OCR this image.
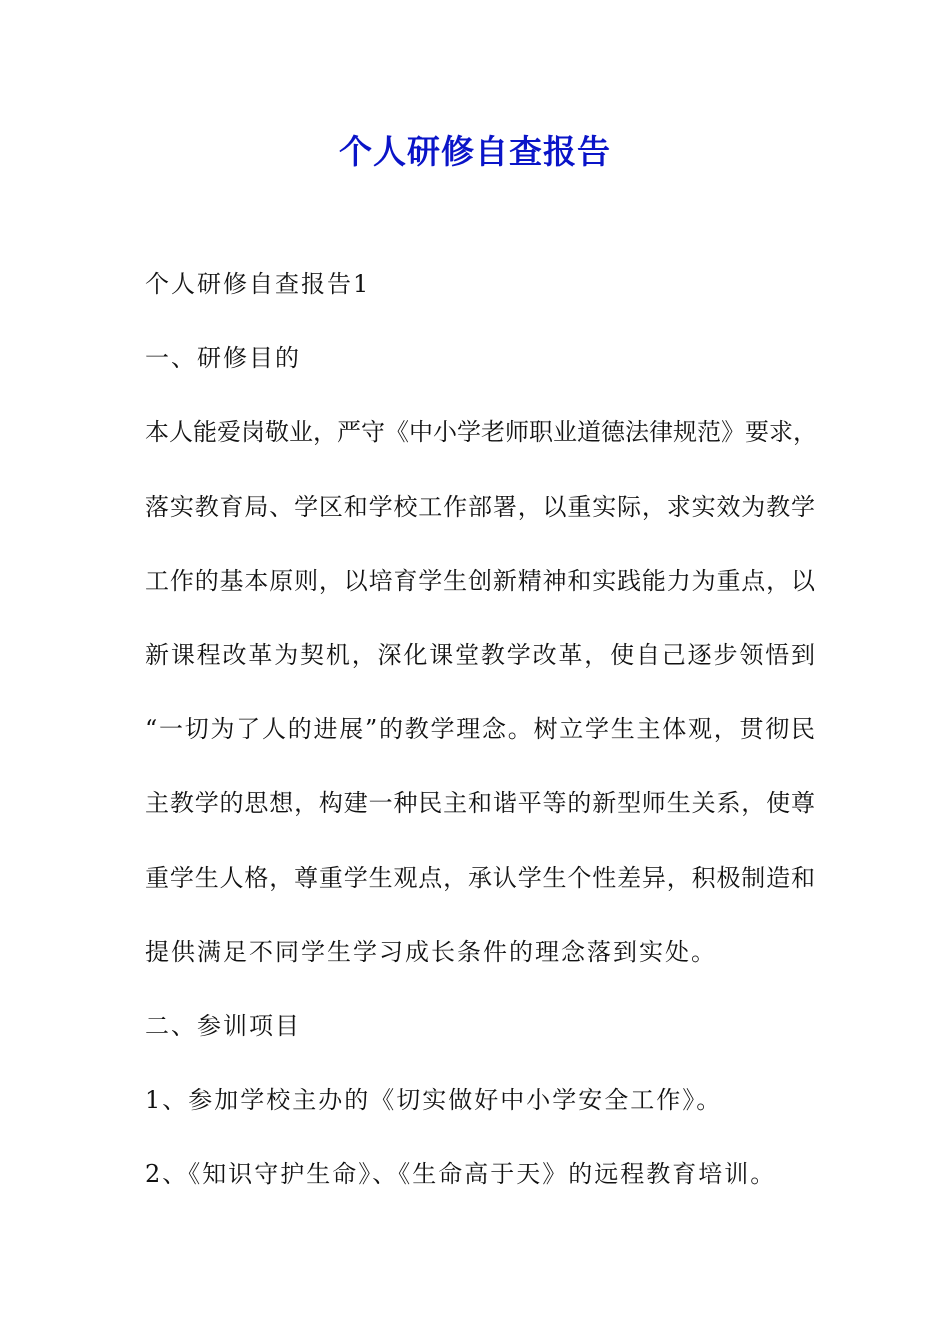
个人研修自查报告
个人研修自查报告1
一、研修目的
本人能爱岗敬业，严守《中小学老师职业道德法律规范》要求，
落实教育局、学区和学校工作部署，以重实际，求实效为教学
工作的基本原则，以培育学生创新精神和实践能力为重点，以
新课程改革为契机，深化课堂教学改革，使自己逐步领悟到
“一切为了人的进展”的教学理念。树立学生主体观，贯彻民
主教学的思想，构建一种民主和谐平等的新型师生关系，使尊
重学生人格，尊重学生观点，承认学生个性差异，积极制造和
提供满足不同学生学习成长条件的理念落到实处。
二、参训项目
1、参加学校主办的《切实做好中小学安全工作》。
2、《知识守护生命》、《生命高于天》的远程教育培训。
